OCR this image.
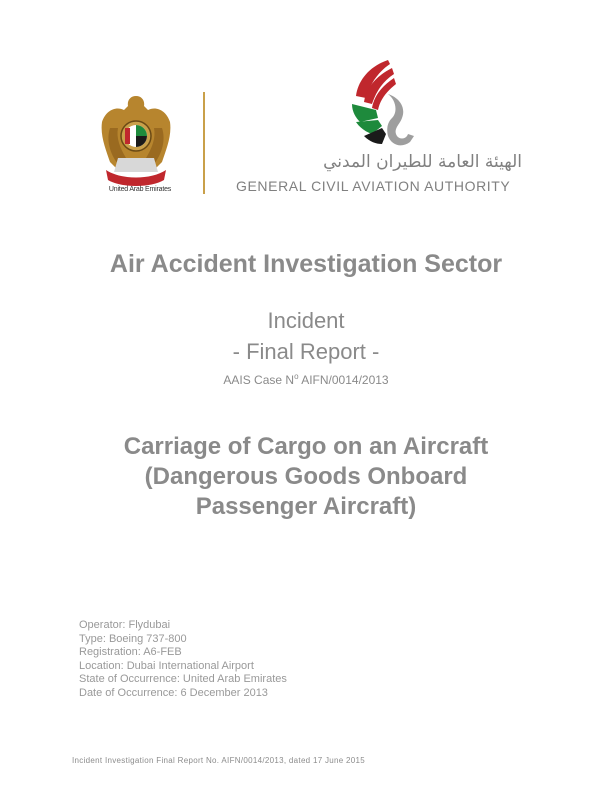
United Arab Emirates
الهيئة العامة للطيران المدني
GENERAL CIVIL AVIATION AUTHORITY
Air Accident Investigation Sector
Incident
- Final Report -
AAIS Case $N^o$ AIFN/0014/2013
Carriage of Cargo on an Aircraft
(Dangerous Goods Onboard
Passenger Aircraft)
Operator: Flydubai
Type: Boeing 737-800
Registration: A6-FEB
Location: Dubai International Airport
State of Occurrence: United Arab Emirates
Date of Occurrence: 6 December 2013
Incident Investigation Final Report No. AIFN/0014/2013, dated 17 June 2015
